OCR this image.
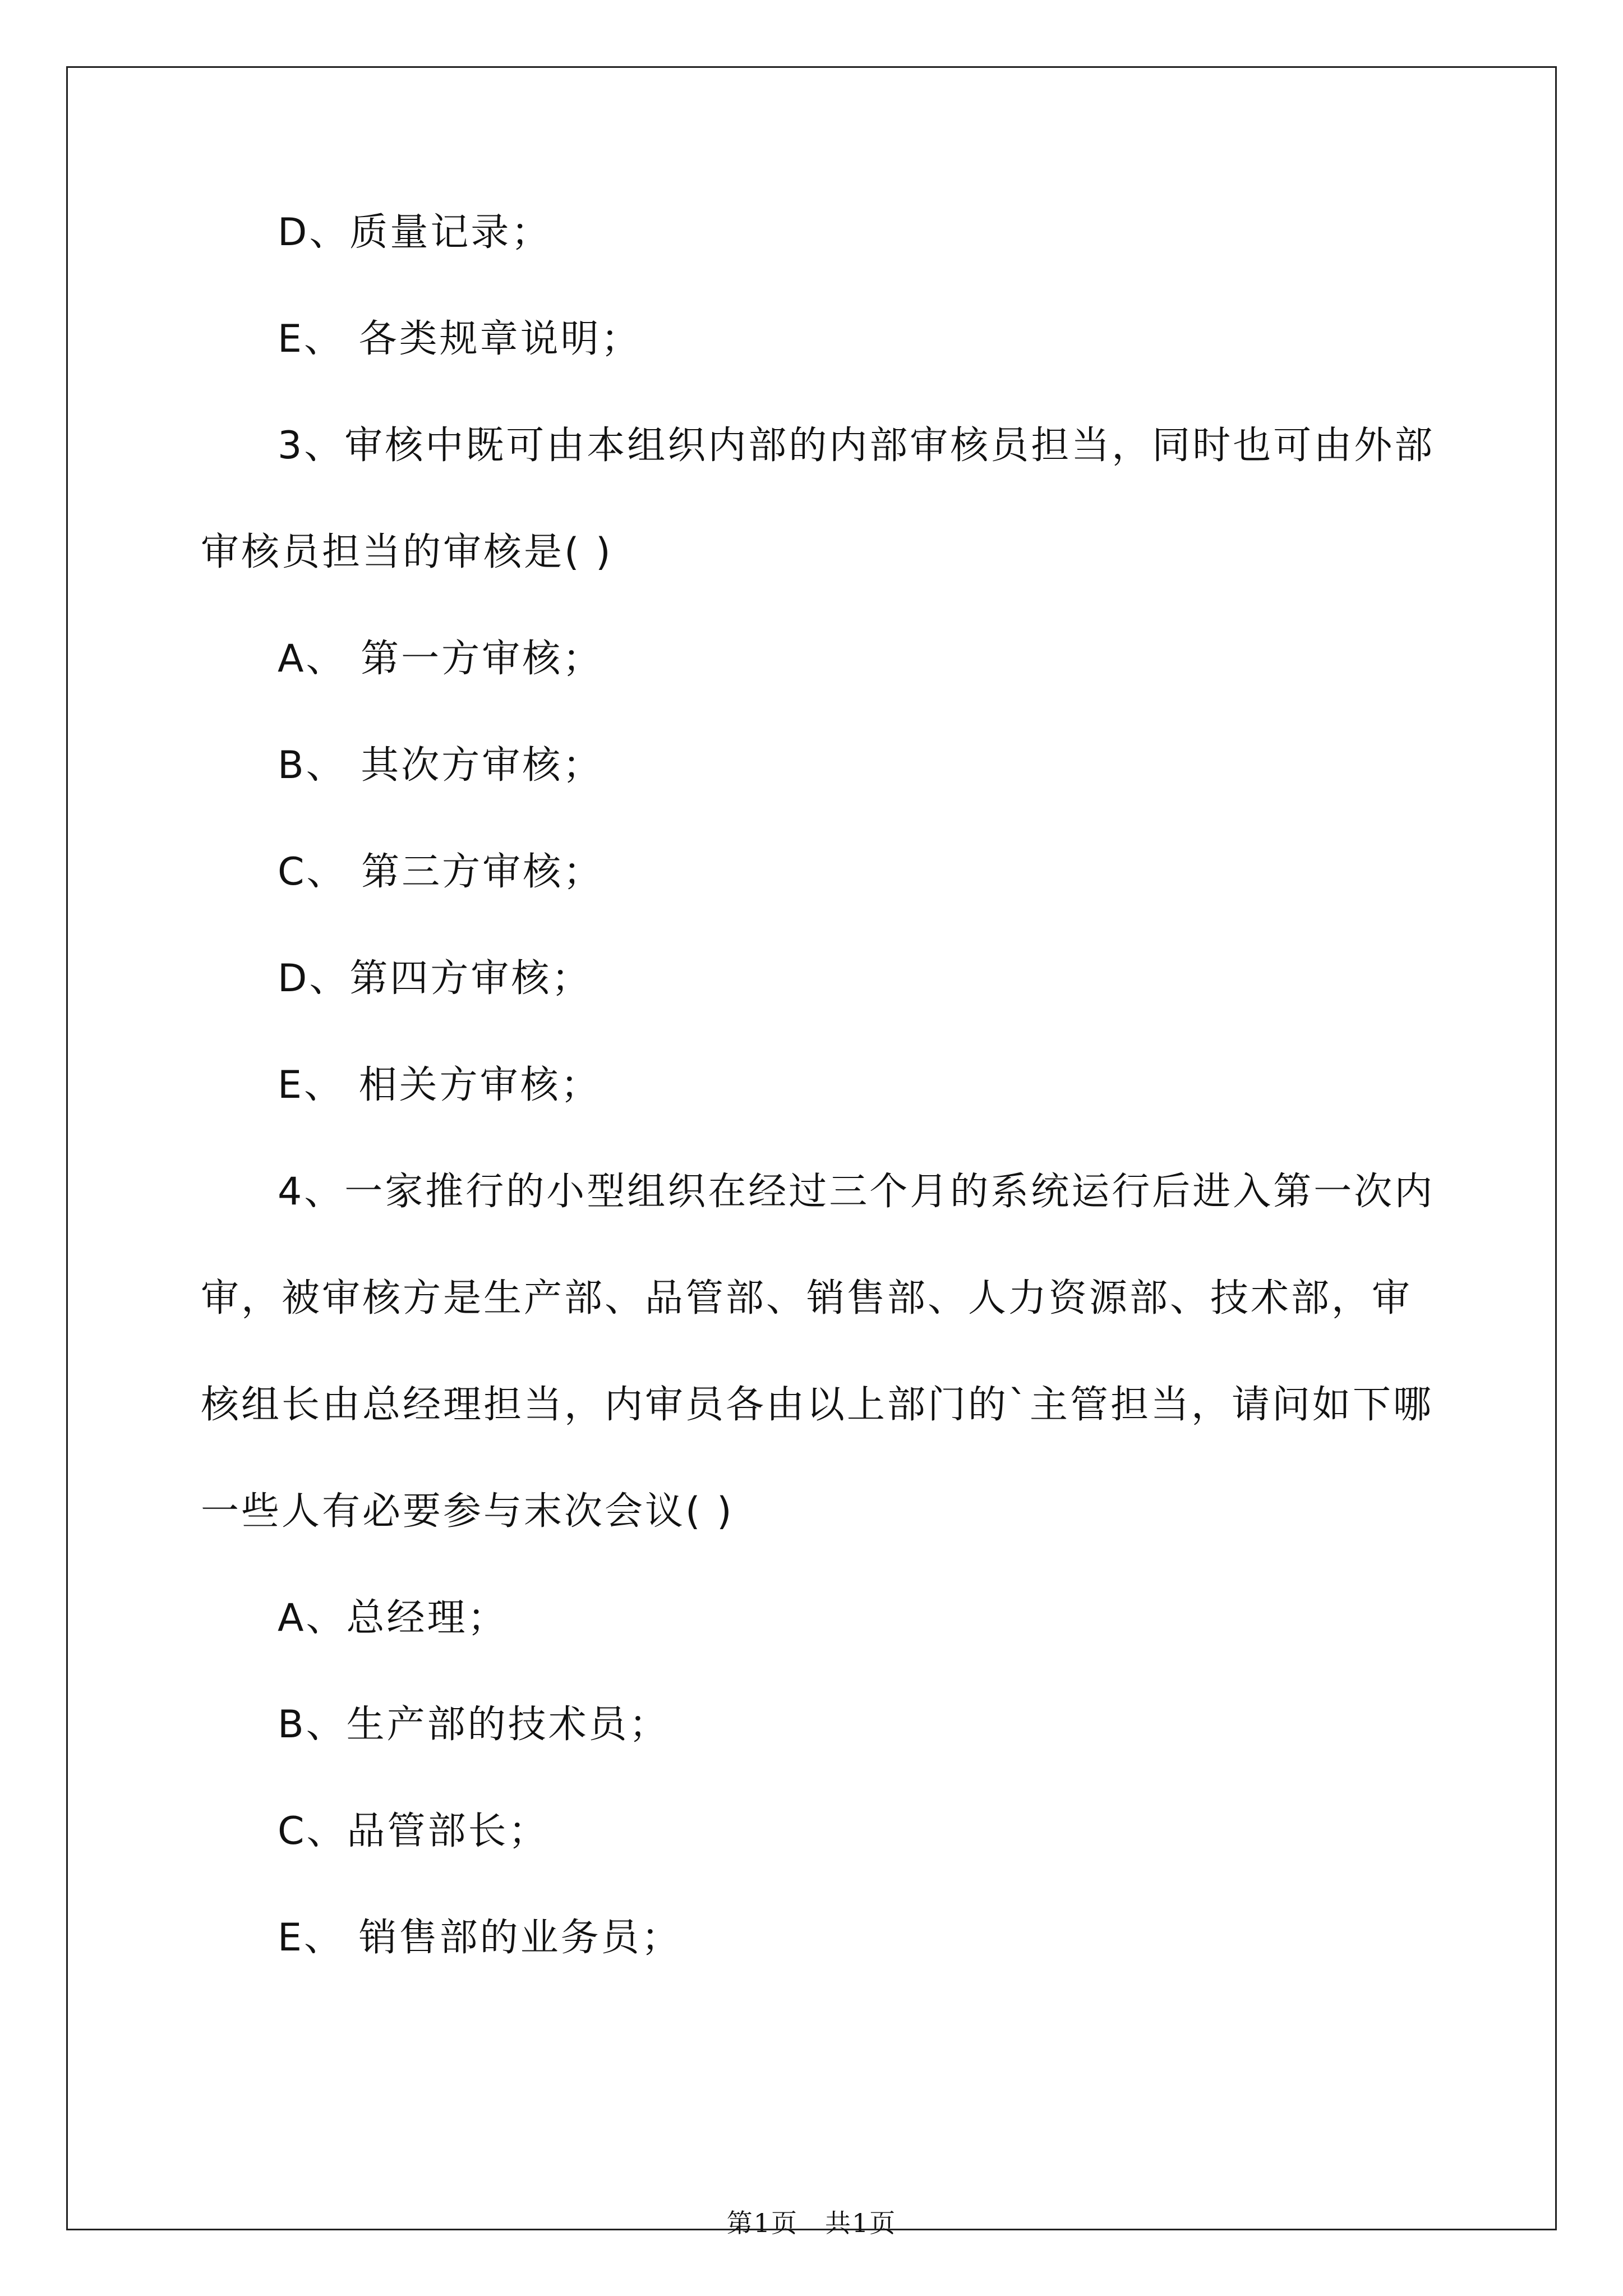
D、质量记录；
E、 各类规章说明；
3、审核中既可由本组织内部的内部审核员担当，同时也可由外部
审核员担当的审核是( )
A、 第一方审核；
B、 其次方审核；
C、 第三方审核；
D、第四方审核；
E、 相关方审核；
4、一家推行的小型组织在经过三个月的系统运行后进入第一次内
审，被审核方是生产部、品管部、销售部、人力资源部、技术部，审
核组长由总经理担当，内审员各由以上部门的`主管担当，请问如下哪
一些人有必要参与末次会议( )
A、总经理；
B、生产部的技术员；
C、品管部长；
E、 销售部的业务员；
第1页　共1页
